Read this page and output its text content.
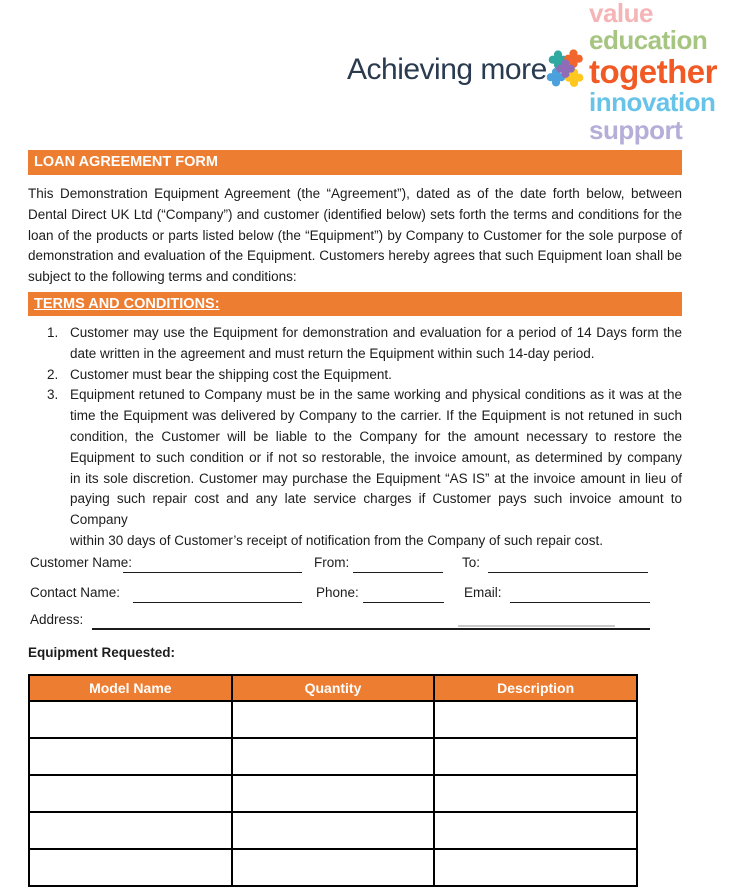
Achieving more
value
education
together
innovation
support
LOAN AGREEMENT FORM
This Demonstration Equipment Agreement (the “Agreement”), dated as of the date forth below, between
Dental Direct UK Ltd (“Company”) and customer (identified below) sets forth the terms and conditions for the
loan of the products or parts listed below (the “Equipment”) by Company to Customer for the sole purpose of
demonstration and evaluation of the Equipment. Customers hereby agrees that such Equipment loan shall be
subject to the following terms and conditions:
TERMS AND CONDITIONS:
1. Customer may use the Equipment for demonstration and evaluation for a period of 14 Days form the
date written in the agreement and must return the Equipment within such 14-day period.
2. Customer must bear the shipping cost the Equipment.
3. Equipment retuned to Company must be in the same working and physical conditions as it was at the
time the Equipment was delivered by Company to the carrier. If the Equipment is not retuned in such
condition, the Customer will be liable to the Company for the amount necessary to restore the
Equipment to such condition or if not so restorable, the invoice amount, as determined by company
in its sole discretion. Customer may purchase the Equipment “AS IS” at the invoice amount in lieu of
paying such repair cost and any late service charges if Customer pays such invoice amount to Company
within 30 days of Customer’s receipt of notification from the Company of such repair cost.
Customer Name:	From:	To:
Contact Name:	Phone:	Email:
Address:
Equipment Requested:
Model Name	Quantity	Description
